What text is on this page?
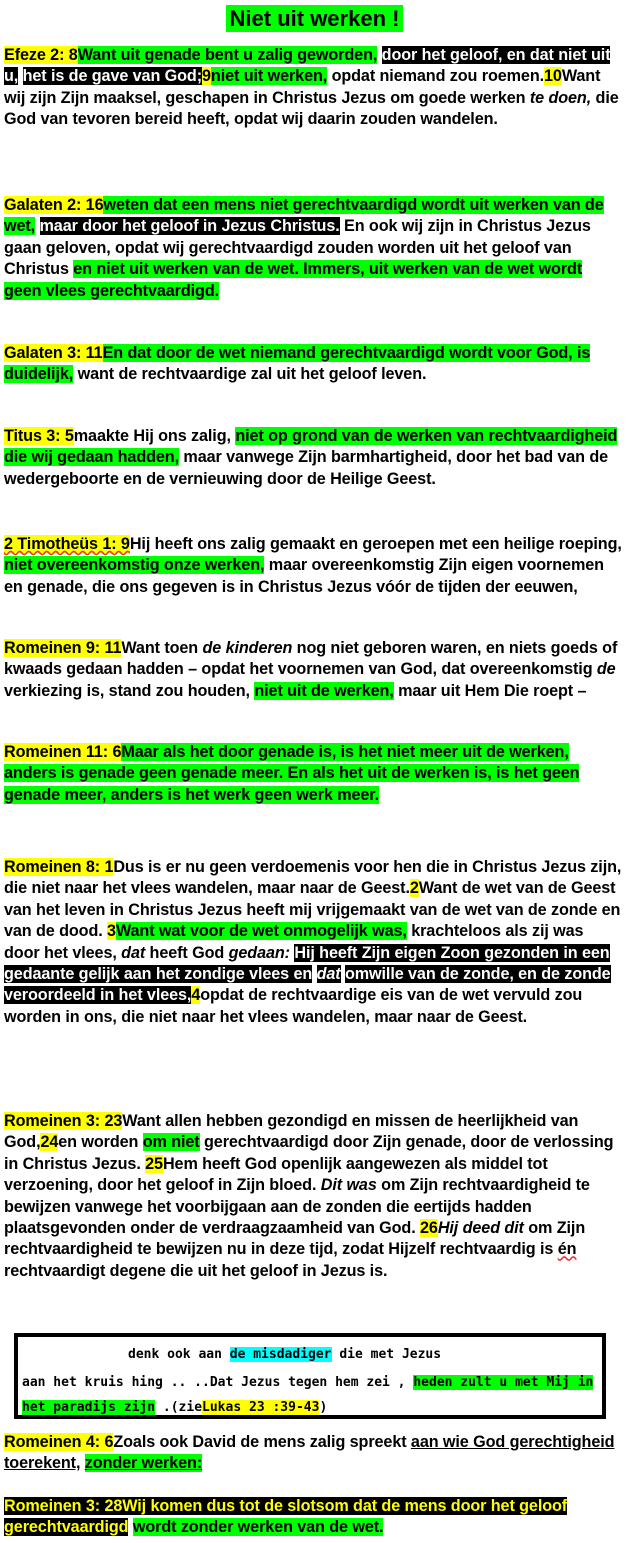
Niet uit werken !
Efeze 2: 8Want uit genade bent u zalig geworden, door het geloof, en dat niet uit u, het is de gave van God;9niet uit werken, opdat niemand zou roemen.10Want wij zijn Zijn maaksel, geschapen in Christus Jezus om goede werken te doen, die God van tevoren bereid heeft, opdat wij daarin zouden wandelen.
Galaten 2: 16weten dat een mens niet gerechtvaardigd wordt uit werken van de wet, maar door het geloof in Jezus Christus. En ook wij zijn in Christus Jezus gaan geloven, opdat wij gerechtvaardigd zouden worden uit het geloof van Christus en niet uit werken van de wet. Immers, uit werken van de wet wordt geen vlees gerechtvaardigd.
Galaten 3: 11En dat door de wet niemand gerechtvaardigd wordt voor God, is duidelijk, want de rechtvaardige zal uit het geloof leven.
Titus 3: 5maakte Hij ons zalig, niet op grond van de werken van rechtvaardigheid die wij gedaan hadden, maar vanwege Zijn barmhartigheid, door het bad van de wedergeboorte en de vernieuwing door de Heilige Geest.
2 Timotheüs 1: 9Hij heeft ons zalig gemaakt en geroepen met een heilige roeping, niet overeenkomstig onze werken, maar overeenkomstig Zijn eigen voornemen en genade, die ons gegeven is in Christus Jezus vóór de tijden der eeuwen,
Romeinen 9: 11Want toen de kinderen nog niet geboren waren, en niets goeds of kwaads gedaan hadden – opdat het voornemen van God, dat overeenkomstig de verkiezing is, stand zou houden, niet uit de werken, maar uit Hem Die roept –
Romeinen 11: 6Maar als het door genade is, is het niet meer uit de werken, anders is genade geen genade meer. En als het uit de werken is, is het geen genade meer, anders is het werk geen werk meer.
Romeinen 8: 1Dus is er nu geen verdoemenis voor hen die in Christus Jezus zijn, die niet naar het vlees wandelen, maar naar de Geest.2Want de wet van de Geest van het leven in Christus Jezus heeft mij vrijgemaakt van de wet van de zonde en van de dood. 3Want wat voor de wet onmogelijk was, krachteloos als zij was door het vlees, dat heeft God gedaan: Hij heeft Zijn eigen Zoon gezonden in een gedaante gelijk aan het zondige vlees en dat omwille van de zonde, en de zonde veroordeeld in het vlees,4opdat de rechtvaardige eis van de wet vervuld zou worden in ons, die niet naar het vlees wandelen, maar naar de Geest.
Romeinen 3: 23Want allen hebben gezondigd en missen de heerlijkheid van God,24en worden om niet gerechtvaardigd door Zijn genade, door de verlossing in Christus Jezus. 25Hem heeft God openlijk aangewezen als middel tot verzoening, door het geloof in Zijn bloed. Dit was om Zijn rechtvaardigheid te bewijzen vanwege het voorbijgaan aan de zonden die eertijds hadden plaatsgevonden onder de verdraagzaamheid van God. 26Hij deed dit om Zijn rechtvaardigheid te bewijzen nu in deze tijd, zodat Hijzelf rechtvaardig is én rechtvaardigt degene die uit het geloof in Jezus is.
denk ook aan de misdadiger die met Jezus
aan het kruis hing .. ..Dat Jezus tegen hem zei , heden zult u met Mij in
het paradijs zijn .(zieLukas 23 :39-43)
Romeinen 4: 6Zoals ook David de mens zalig spreekt aan wie God gerechtigheid toerekent, zonder werken:
Romeinen 3: 28Wij komen dus tot de slotsom dat de mens door het geloof gerechtvaardigd wordt zonder werken van de wet.
